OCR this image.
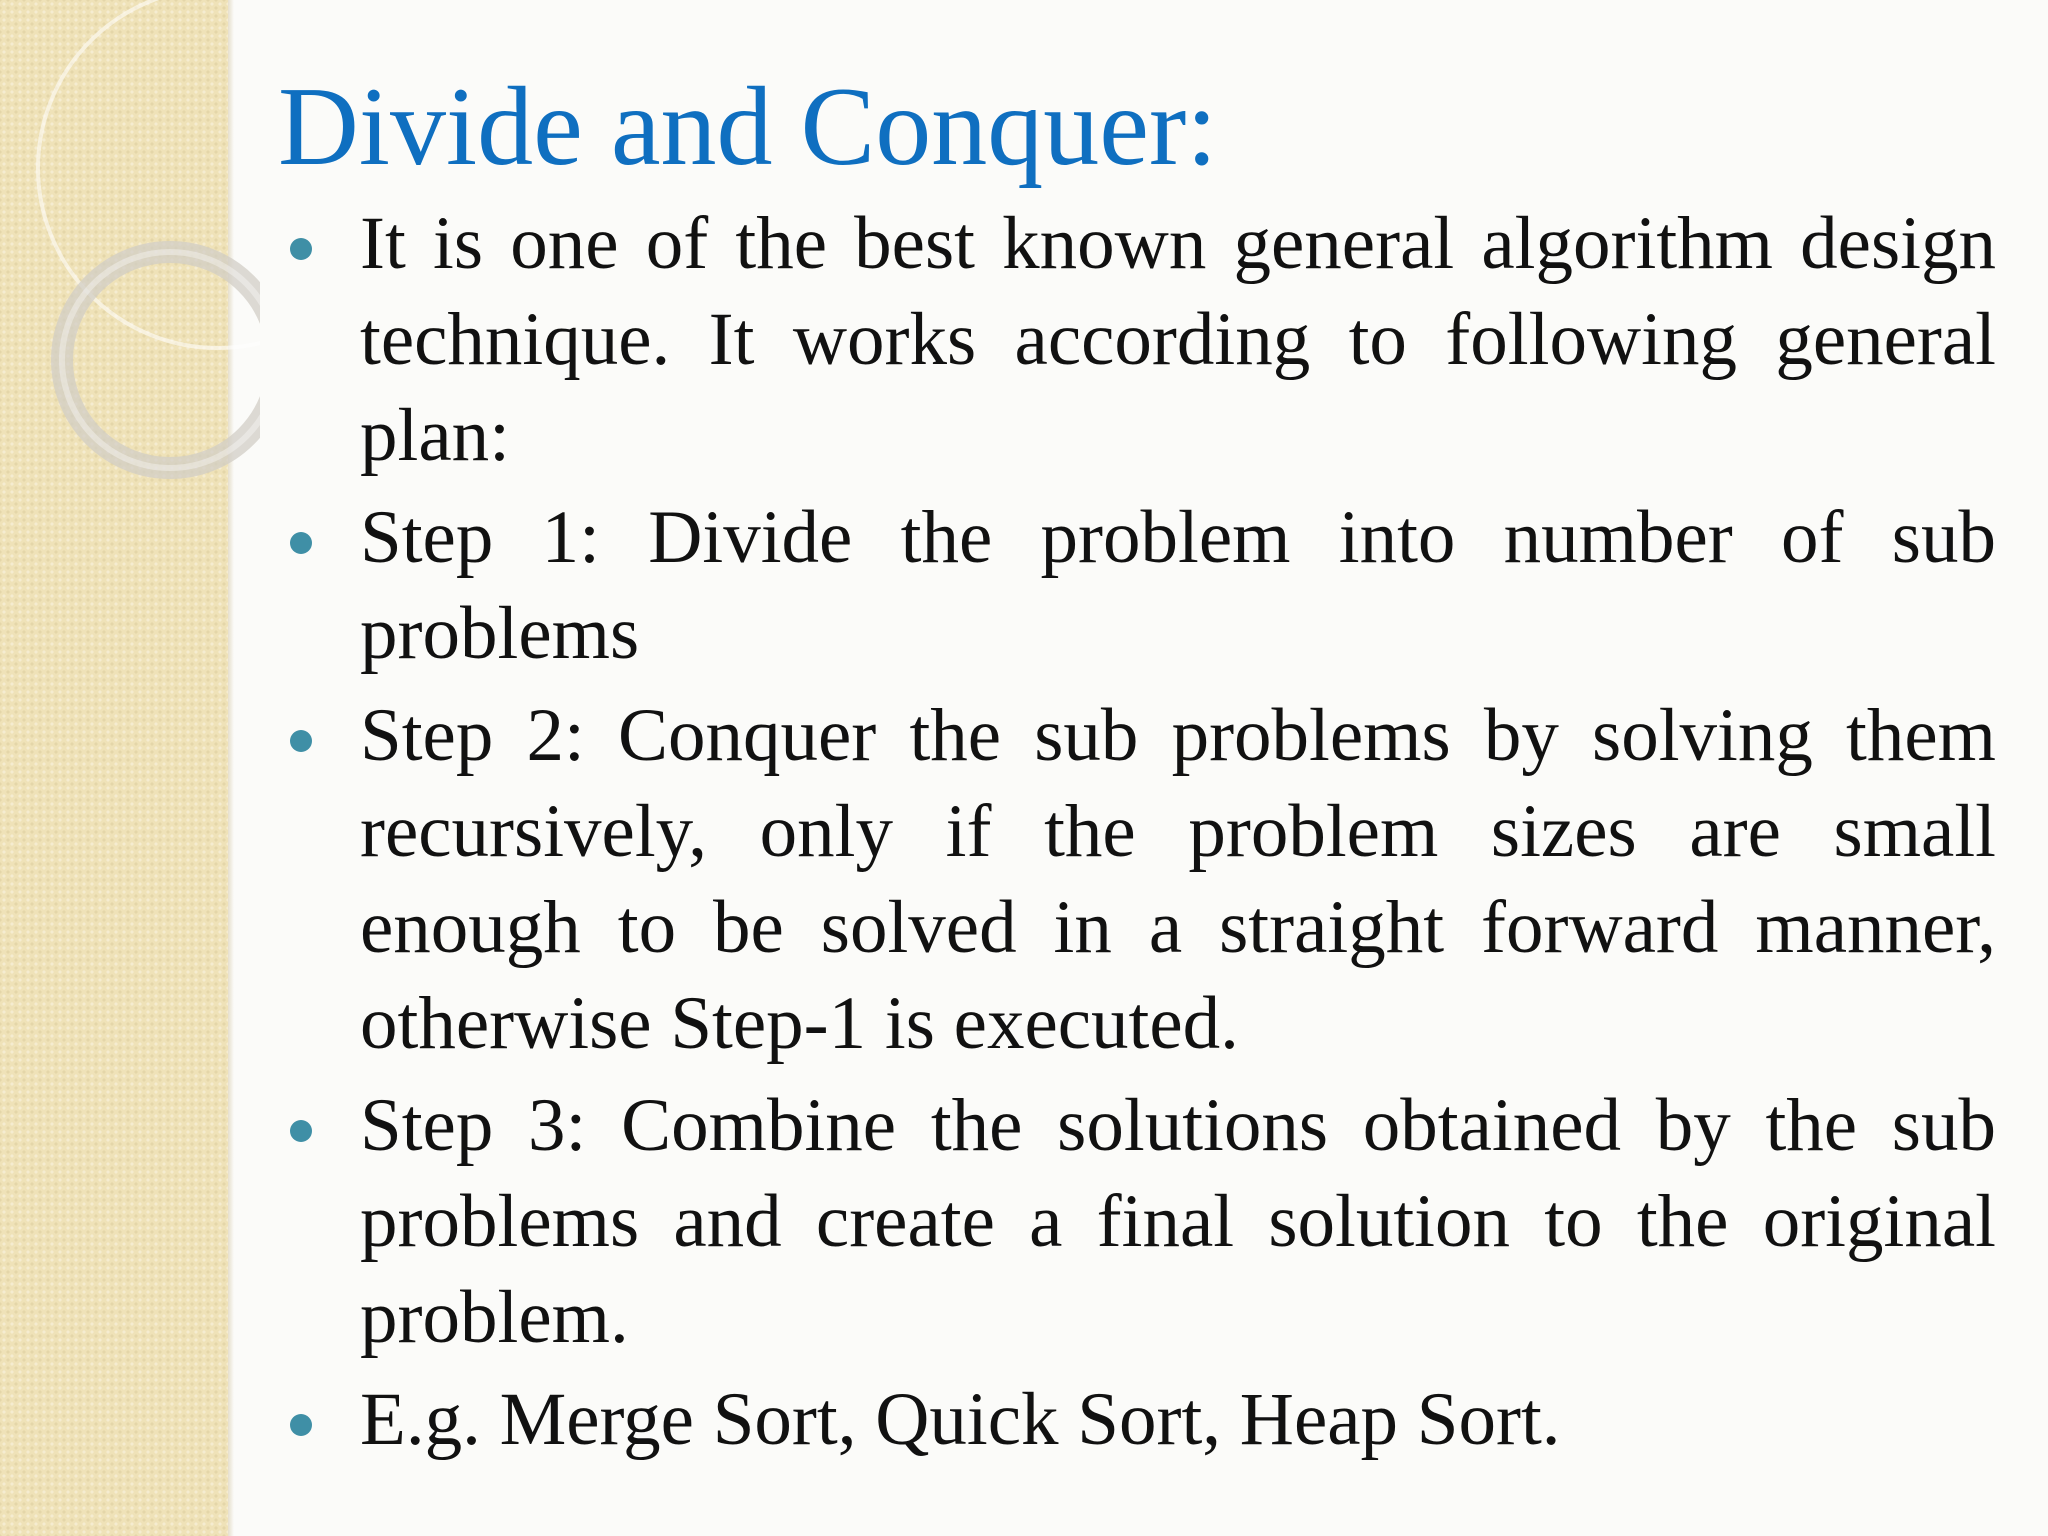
Divide and Conquer:
It is one of the best known general algorithm design technique. It works according to following general plan:
Step 1: Divide the problem into number of sub problems
Step 2: Conquer the sub problems by solving them recursively, only if the problem sizes are small enough to be solved in a straight forward manner, otherwise Step-1 is executed.
Step 3: Combine the solutions obtained by the sub problems and create a final solution to the original problem.
E.g. Merge Sort, Quick Sort, Heap Sort.
